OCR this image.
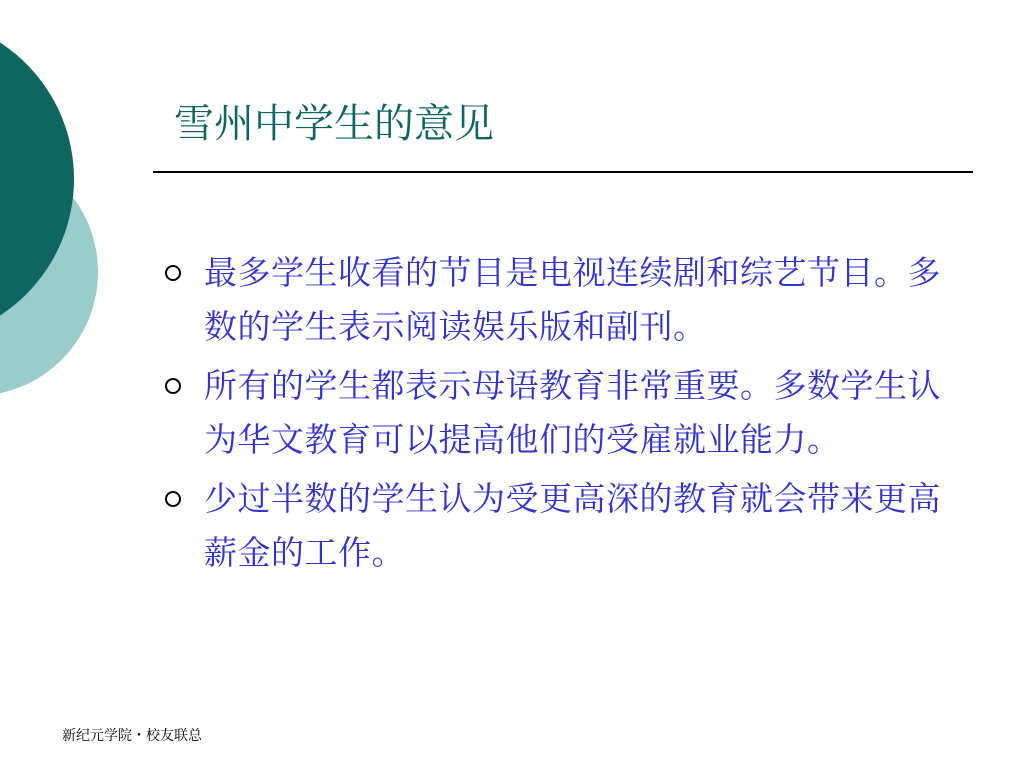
雪州中学生的意见
最多学生收看的节目是电视连续剧和综艺节目。多数的学生表示阅读娱乐版和副刊。
所有的学生都表示母语教育非常重要。多数学生认为华文教育可以提高他们的受雇就业能力。
少过半数的学生认为受更高深的教育就会带来更高薪金的工作。
新纪元学院・校友联总
